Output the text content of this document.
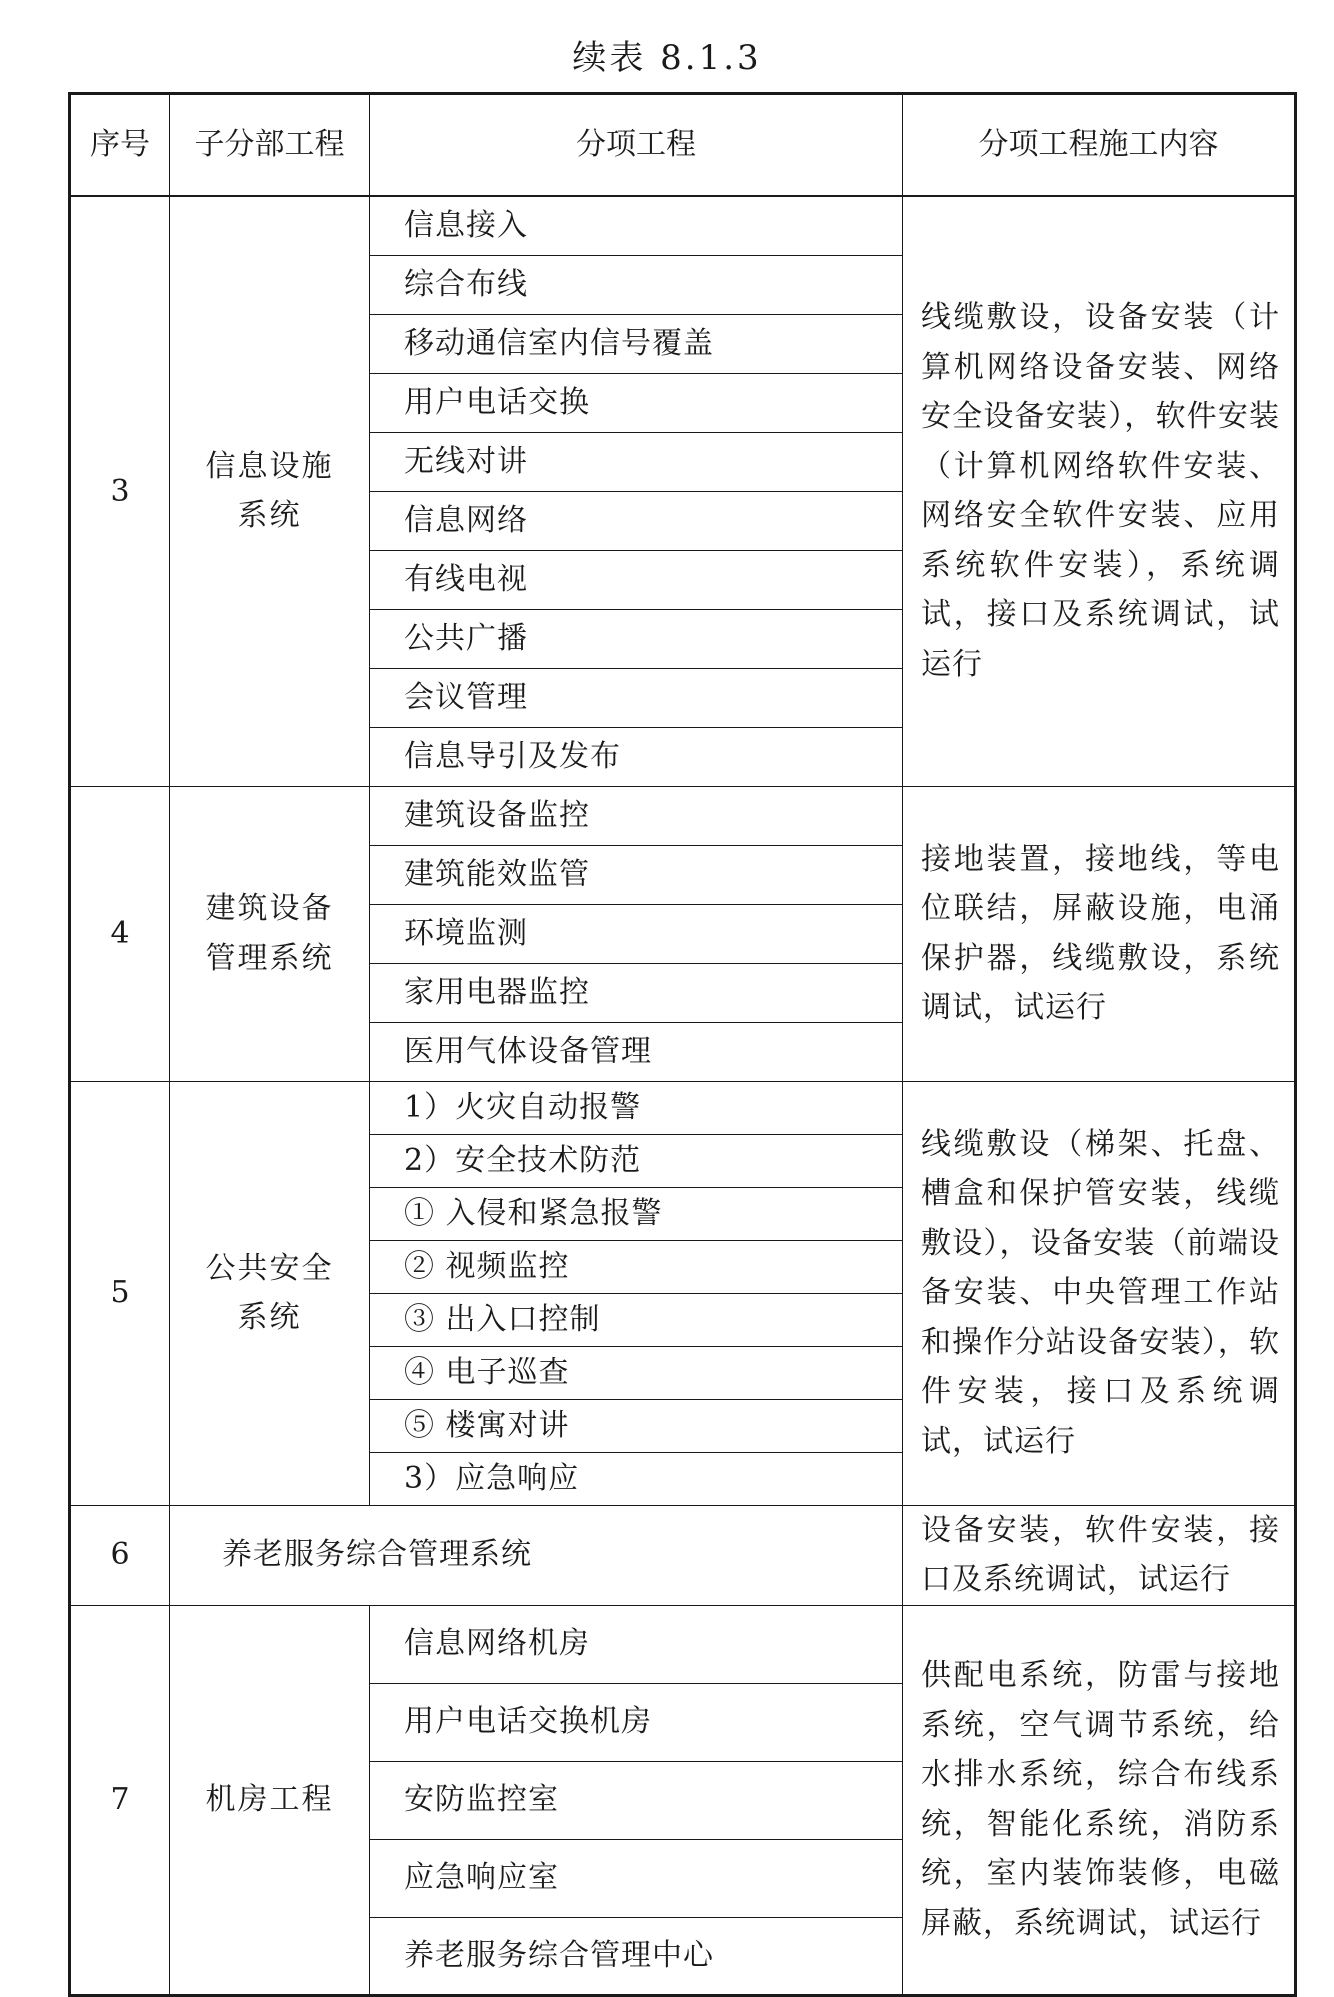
续表 8.1.3
序号	子分部工程	分项工程	分项工程施工内容
3	信息设施系统	信息接入	线缆敷设，设备安装（计算机网络设备安装、网络安全设备安装），软件安装（计算机网络软件安装、网络安全软件安装、应用系统软件安装），系统调试，接口及系统调试，试运行
		综合布线	
		移动通信室内信号覆盖	
		用户电话交换	
		无线对讲	
		信息网络	
		有线电视	
		公共广播	
		会议管理	
		信息导引及发布	
4	建筑设备管理系统	建筑设备监控	接地装置，接地线，等电位联结，屏蔽设施，电涌保护器，线缆敷设，系统调试，试运行
		建筑能效监管	
		环境监测	
		家用电器监控	
		医用气体设备管理	
5	公共安全系统	1）火灾自动报警	线缆敷设（梯架、托盘、槽盒和保护管安装，线缆敷设），设备安装（前端设备安装、中央管理工作站和操作分站设备安装），软件安装，接口及系统调试，试运行
		2）安全技术防范	
		① 入侵和紧急报警	
		② 视频监控	
		③ 出入口控制	
		④ 电子巡查	
		⑤ 楼寓对讲	
		3）应急响应	
6	养老服务综合管理系统		设备安装，软件安装，接口及系统调试，试运行
7	机房工程	信息网络机房	供配电系统，防雷与接地系统，空气调节系统，给水排水系统，综合布线系统，智能化系统，消防系统，室内装饰装修，电磁屏蔽，系统调试，试运行
		用户电话交换机房	
		安防监控室	
		应急响应室	
		养老服务综合管理中心	
